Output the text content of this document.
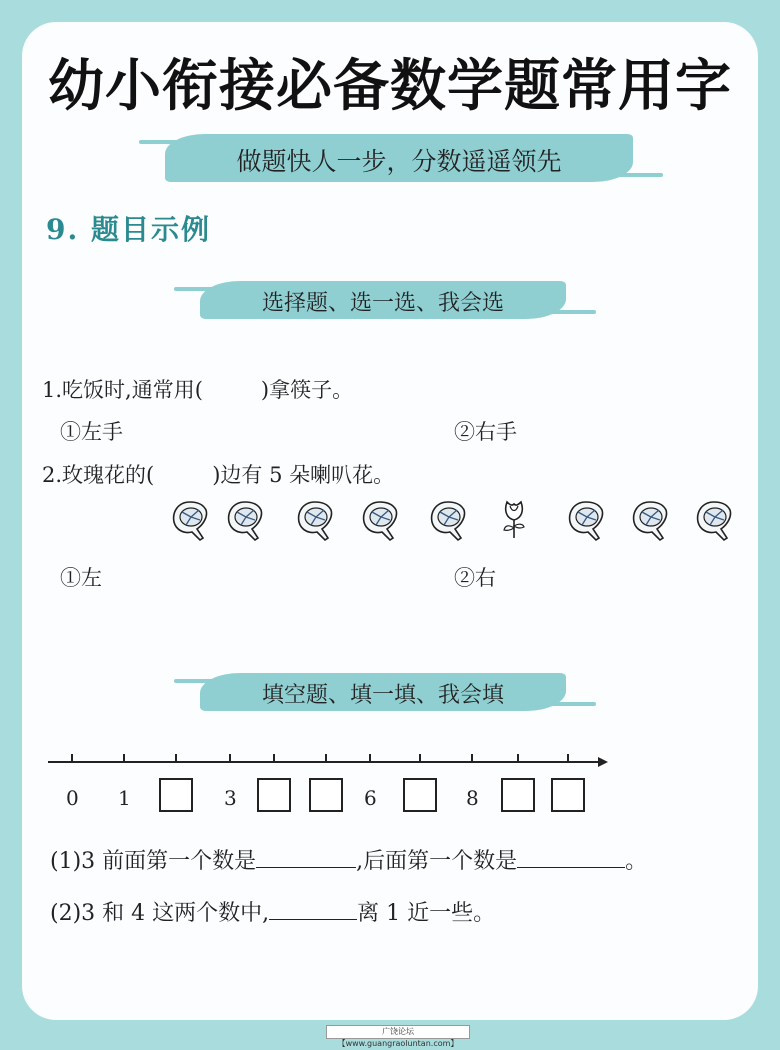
幼小衔接必备数学题常用字
做题快人一步，分数遥遥领先
9. 题目示例
选择题、选一选、我会选
1.吃饭时,通常用(	)拿筷子。
①左手	②右手
2.玫瑰花的(	)边有 5 朵喇叭花。
①左	②右
填空题、填一填、我会填
0 1	3	6	8
(1)3 前面第一个数是	,后面第一个数是	。
(2)3 和 4 这两个数中,	离 1 近一些。
广饶论坛【www.guangraoluntan.com】
